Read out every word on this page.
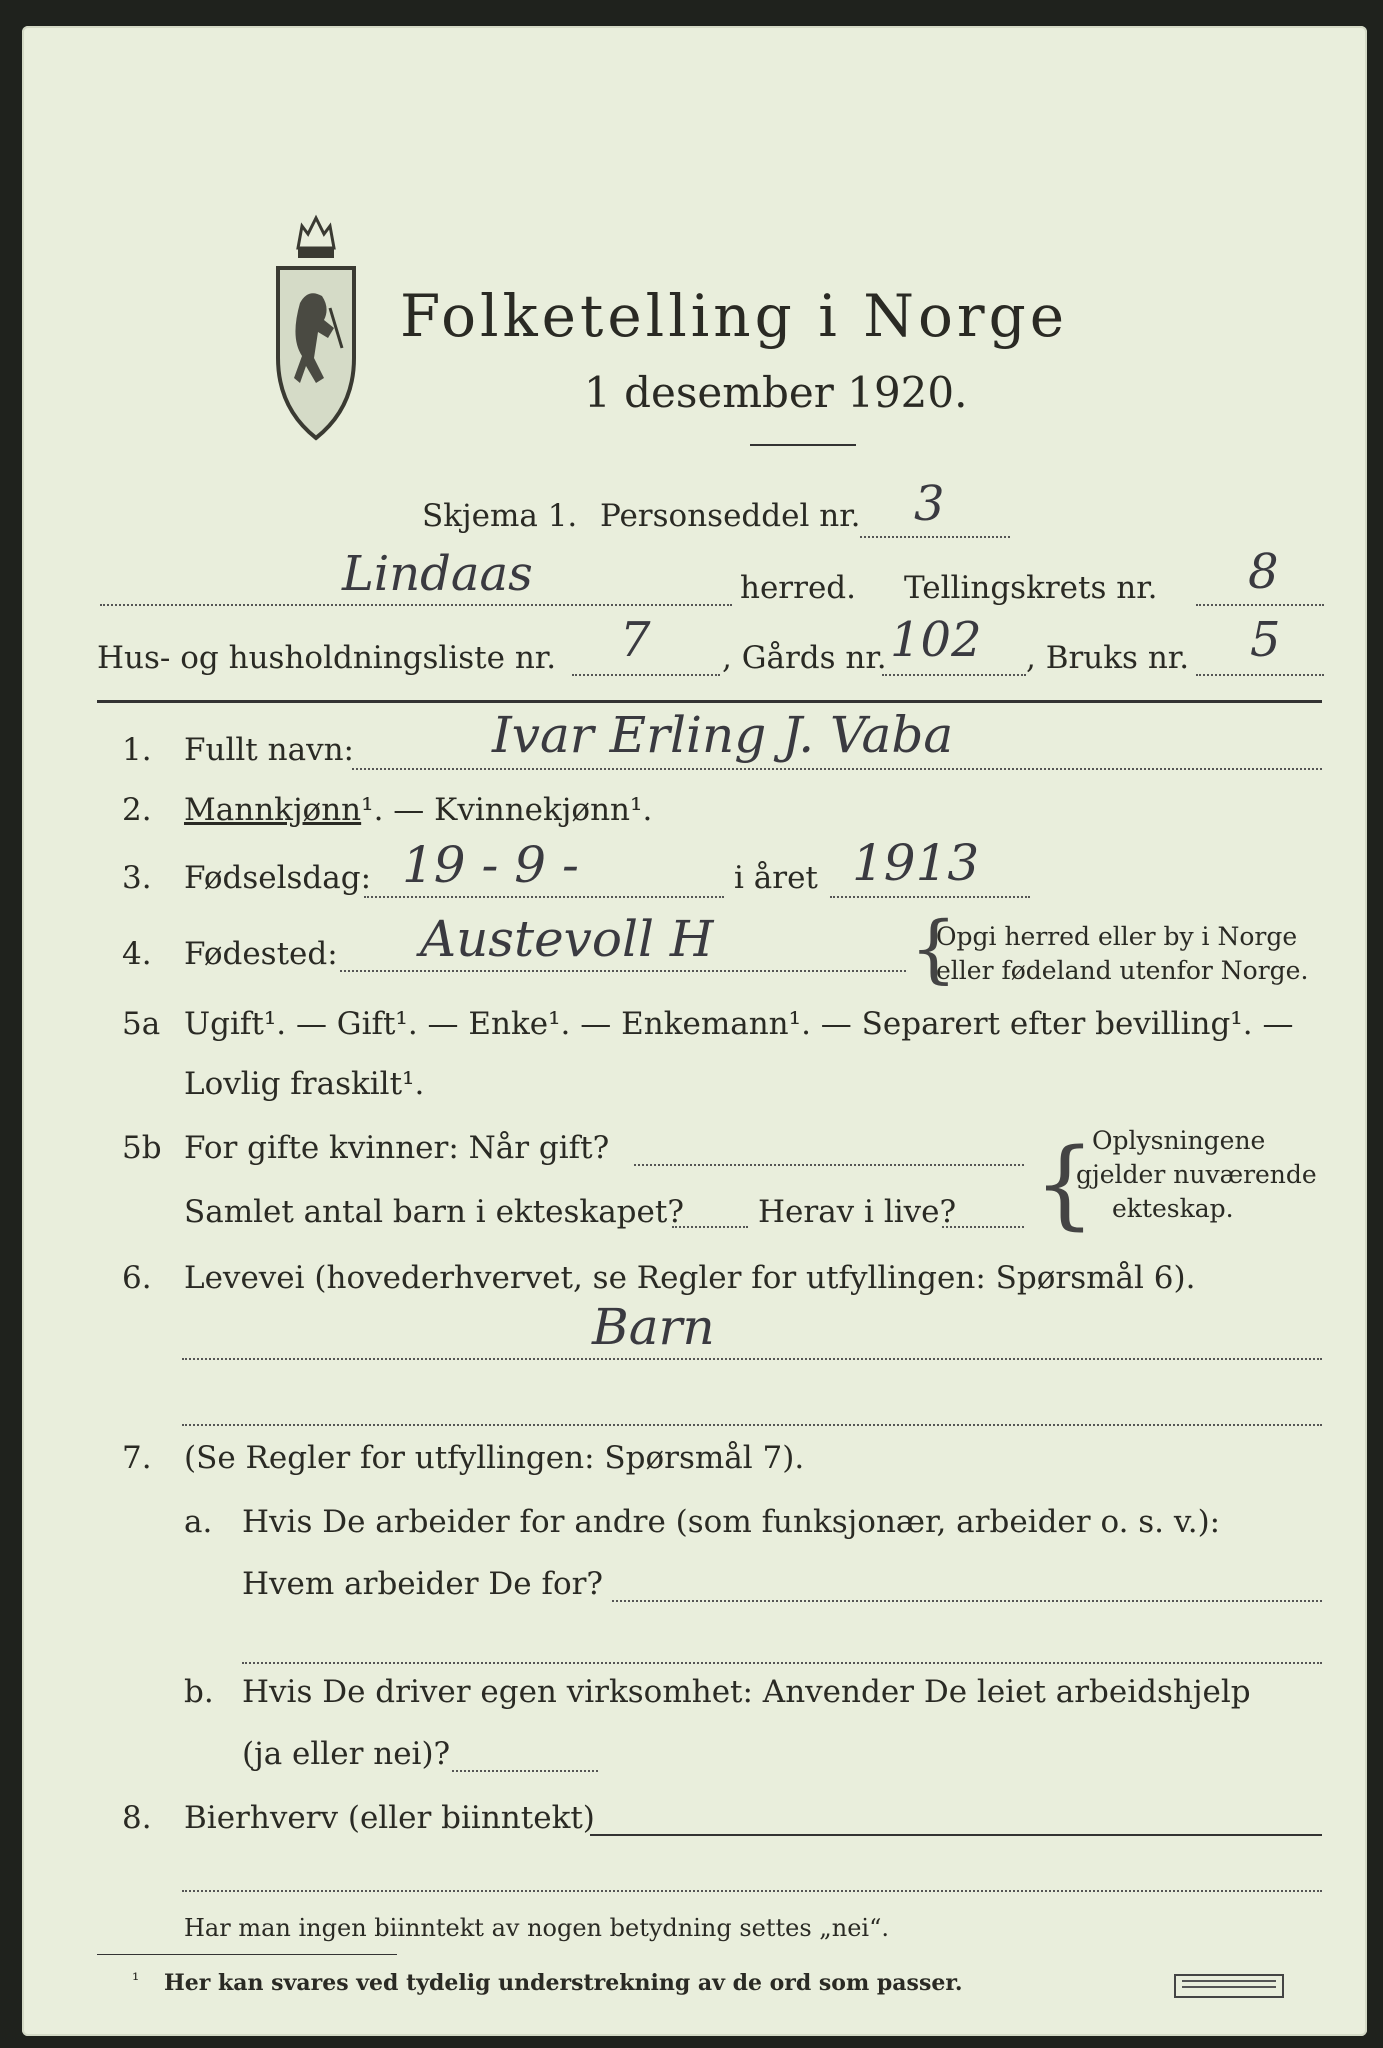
Folketelling i Norge
1 desember 1920.
Skjema 1. Personseddel nr. 3
Lindaas	herred. Tellingskrets nr. 8
Hus- og husholdningsliste nr. 7 , Gårds nr. 102 , Bruks nr. 5
1. Fullt navn:	Ivar Erling J. Vaba
2. Mannkjønn¹. — Kvinnekjønn¹.
3. Fødselsdag: 19 - 9 -	i året 1913
4. Fødested: Austevoll H	{
Opgi herred eller by i Norge
eller fødeland utenfor Norge.
5a Ugift¹. — Gift¹. — Enke¹. — Enkemann¹. — Separert efter bevilling¹. —
Lovlig fraskilt¹.
5b For gifte kvinner: Når gift?
Samlet antal barn i ekteskapet? Herav i live? {
Oplysningene
gjelder nuværende
ekteskap.
6. Levevei (hovederhvervet, se Regler for utfyllingen: Spørsmål 6).
Barn
7. (Se Regler for utfyllingen: Spørsmål 7).
a. Hvis De arbeider for andre (som funksjonær, arbeider o. s. v.):
Hvem arbeider De for?
b. Hvis De driver egen virksomhet: Anvender De leiet arbeidshjelp
(ja eller nei)?
8. Bierhverv (eller biinntekt)
Har man ingen biinntekt av nogen betydning settes „nei“.
¹ Her kan svares ved tydelig understrekning av de ord som passer.
